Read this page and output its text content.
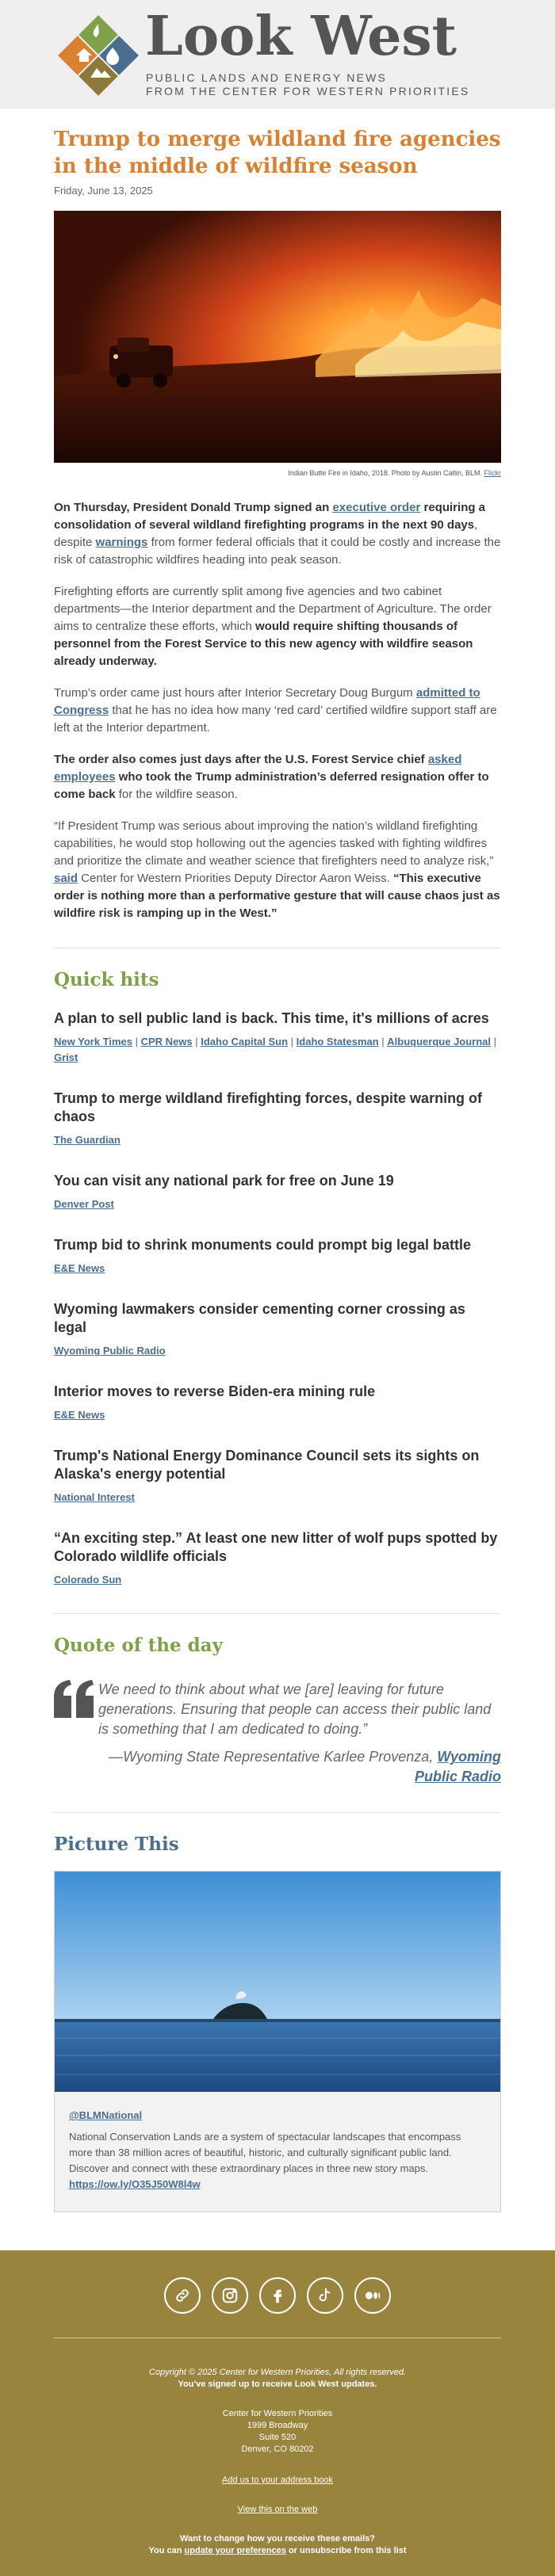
Look West
PUBLIC LANDS AND ENERGY NEWS
FROM THE CENTER FOR WESTERN PRIORITIES
Trump to merge wildland fire agencies in the middle of wildfire season
Friday, June 13, 2025
Indian Butte Fire in Idaho, 2018. Photo by Austin Catlin, BLM. Flickr

On Thursday, President Donald Trump signed an executive order requiring a consolidation of several wildland firefighting programs in the next 90 days, despite warnings from former federal officials that it could be costly and increase the risk of catastrophic wildfires heading into peak season.

Firefighting efforts are currently split among five agencies and two cabinet departments—the Interior department and the Department of Agriculture. The order aims to centralize these efforts, which would require shifting thousands of personnel from the Forest Service to this new agency with wildfire season already underway.

Trump’s order came just hours after Interior Secretary Doug Burgum admitted to Congress that he has no idea how many ‘red card’ certified wildfire support staff are left at the Interior department.

The order also comes just days after the U.S. Forest Service chief asked employees who took the Trump administration’s deferred resignation offer to come back for the wildfire season.

“If President Trump was serious about improving the nation’s wildland firefighting capabilities, he would stop hollowing out the agencies tasked with fighting wildfires and prioritize the climate and weather science that firefighters need to analyze risk,” said Center for Western Priorities Deputy Director Aaron Weiss. “This executive order is nothing more than a performative gesture that will cause chaos just as wildfire risk is ramping up in the West.”

Quick hits
A plan to sell public land is back. This time, it's millions of acres
New York Times | CPR News | Idaho Capital Sun | Idaho Statesman | Albuquerque Journal | Grist
Trump to merge wildland firefighting forces, despite warning of chaos
The Guardian
You can visit any national park for free on June 19
Denver Post
Trump bid to shrink monuments could prompt big legal battle
E&E News
Wyoming lawmakers consider cementing corner crossing as legal
Wyoming Public Radio
Interior moves to reverse Biden-era mining rule
E&E News
Trump's National Energy Dominance Council sets its sights on Alaska's energy potential
National Interest
“An exciting step.” At least one new litter of wolf pups spotted by Colorado wildlife officials
Colorado Sun
Quote of the day
We need to think about what we [are] leaving for future generations. Ensuring that people can access their public land is something that I am dedicated to doing.”
—Wyoming State Representative Karlee Provenza, Wyoming Public Radio
Picture This
@BLMNational
National Conservation Lands are a system of spectacular landscapes that encompass more than 38 million acres of beautiful, historic, and culturally significant public land. Discover and connect with these extraordinary places in three new story maps. https://ow.ly/O35J50W8l4w

Copyright © 2025 Center for Western Priorities, All rights reserved.

You've signed up to receive Look West updates.

Center for Western Priorities

1999 Broadway

Suite 520

Denver, CO 80202

Add us to your address book

View this on the web

Want to change how you receive these emails?

You can update your preferences or unsubscribe from this list
